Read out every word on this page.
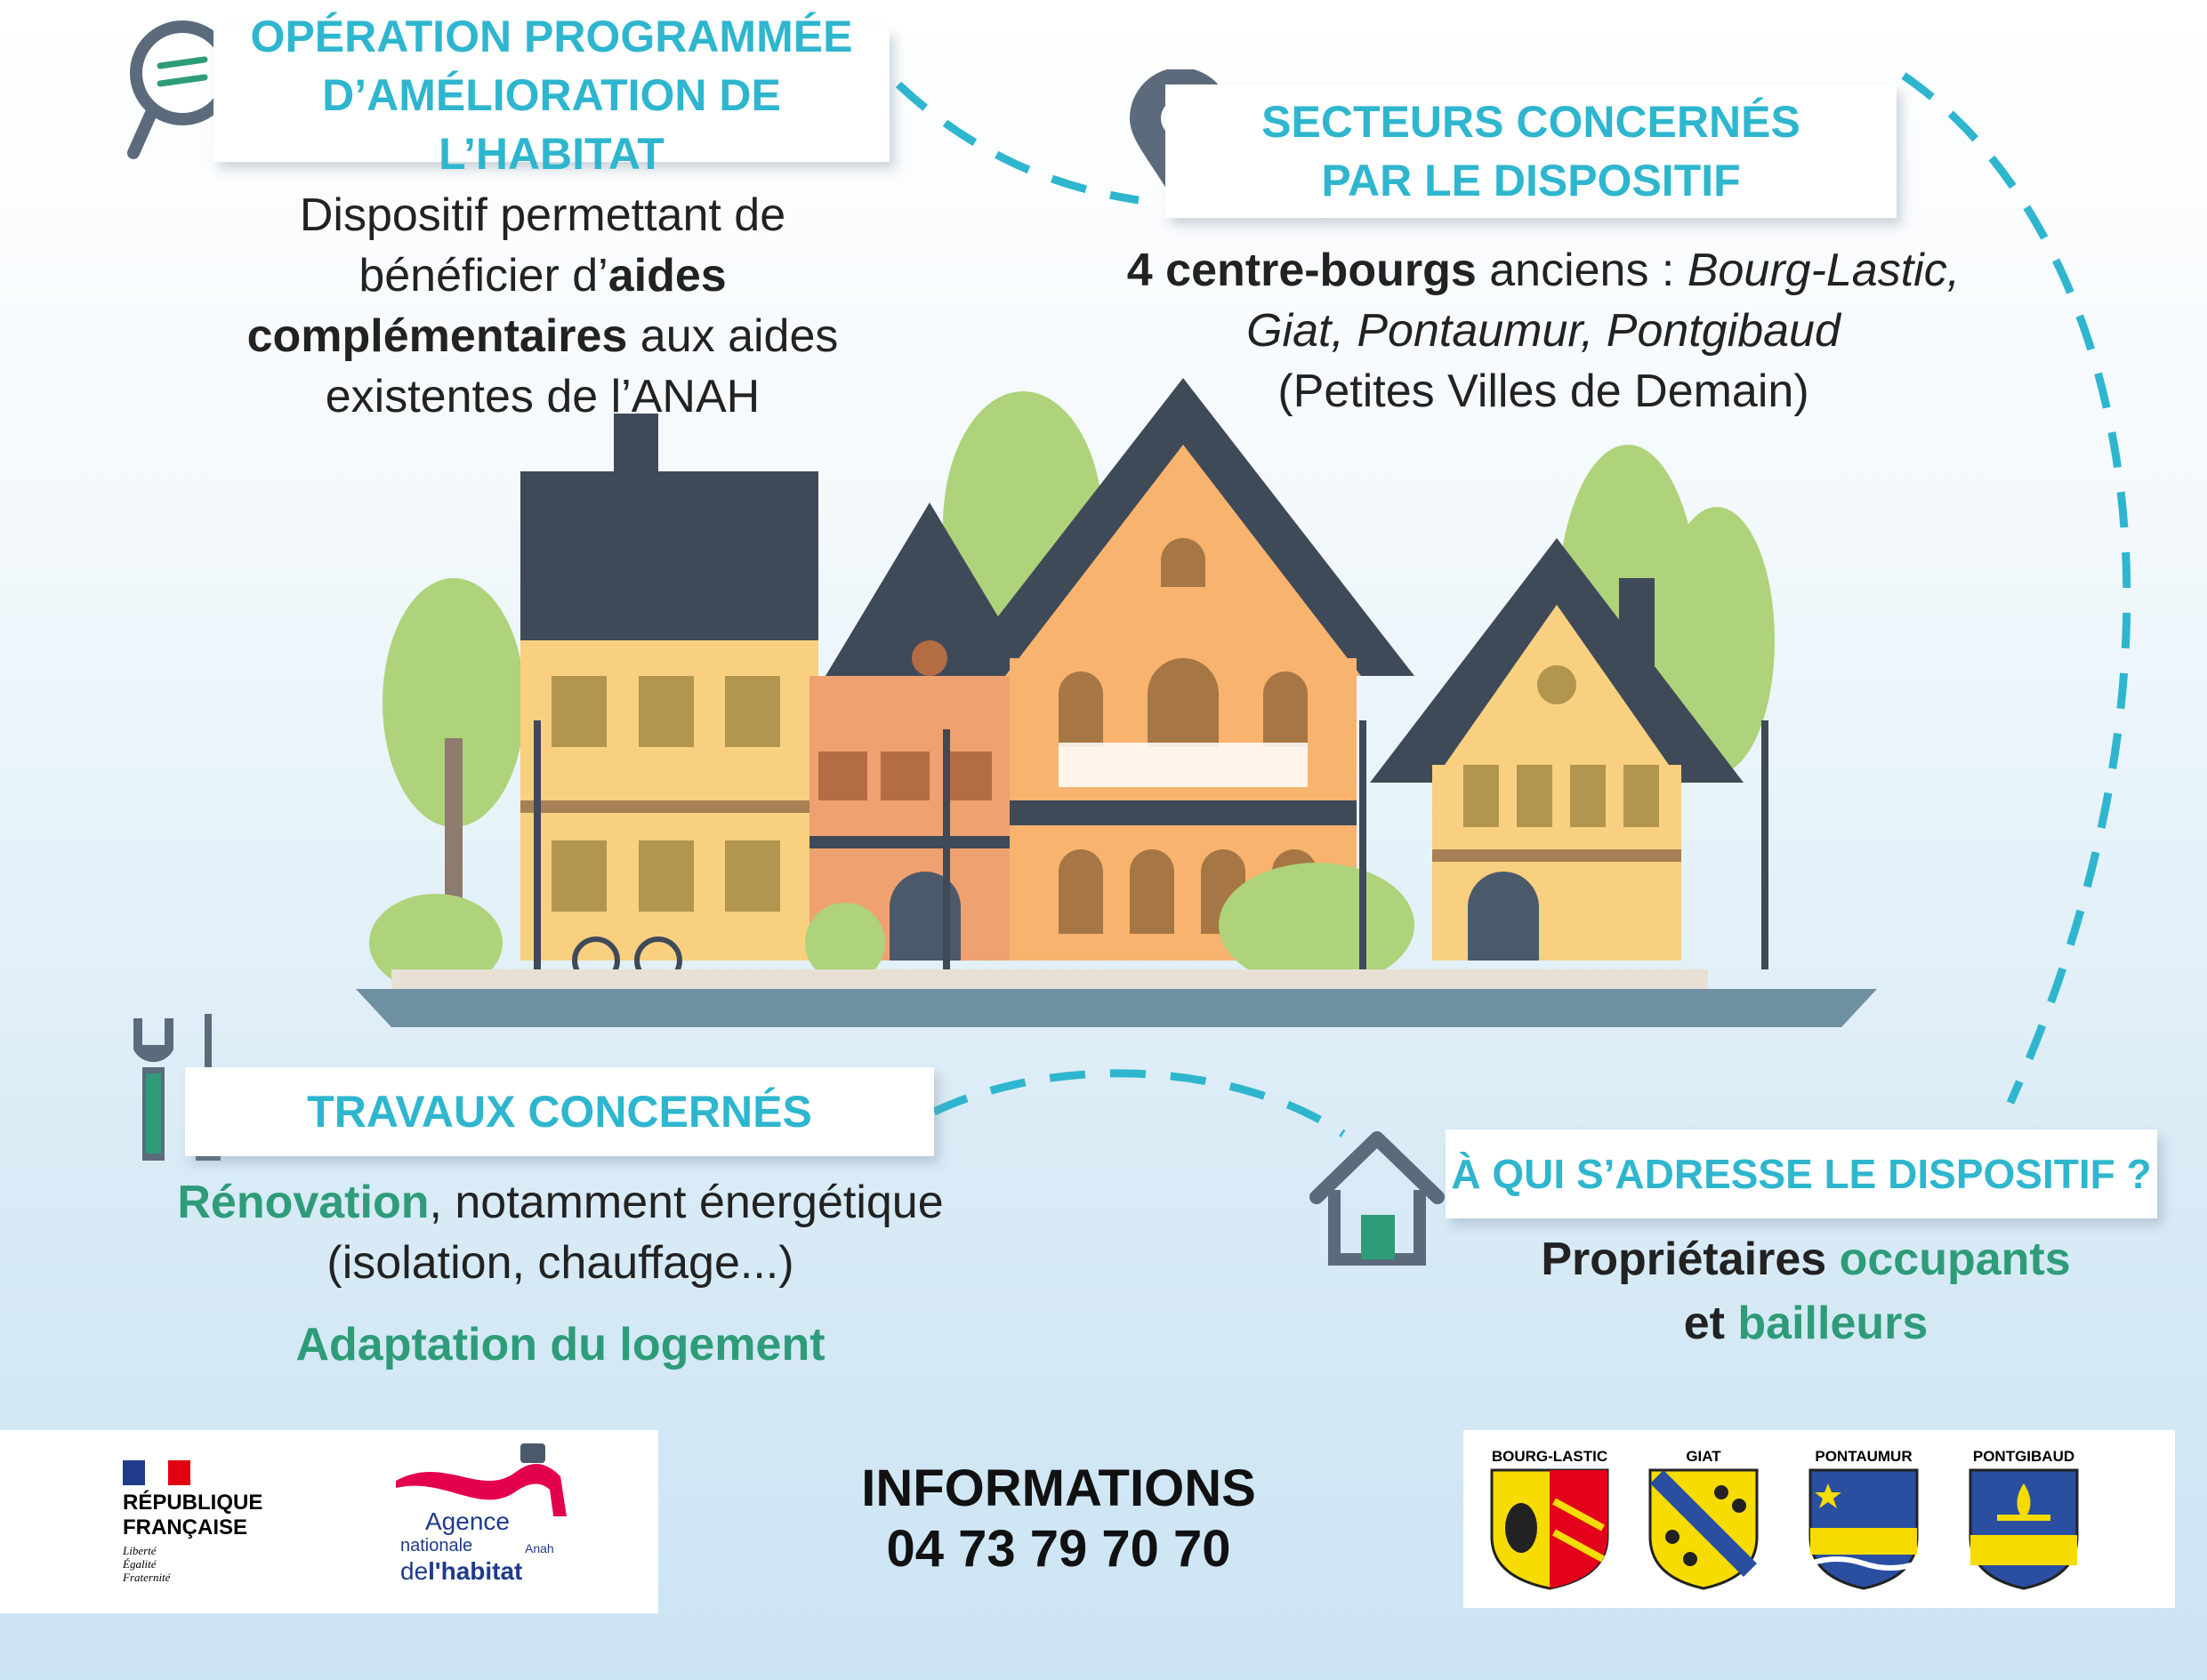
OPÉRATION PROGRAMMÉE
D’AMÉLIORATION DE L’HABITAT
Dispositif permettant de
bénéficier d’aides
complémentaires aux aides
existentes de l’ANAH
SECTEURS CONCERNÉS
PAR LE DISPOSITIF
4 centre-bourgs anciens : Bourg-Lastic,
Giat, Pontaumur, Pontgibaud
(Petites Villes de Demain)
TRAVAUX CONCERNÉS
Rénovation, notamment énergétique
(isolation, chauffage...)
Adaptation du logement
À QUI S’ADRESSE LE DISPOSITIF ?
Propriétaires occupants
et bailleurs
RÉPUBLIQUE
FRANÇAISE
Liberté
Égalité
Fraternité
Agence
nationale	Anah
del'habitat
INFORMATIONS
04 73 79 70 70
BOURG-LASTIC	GIAT	PONTAUMUR	PONTGIBAUD
